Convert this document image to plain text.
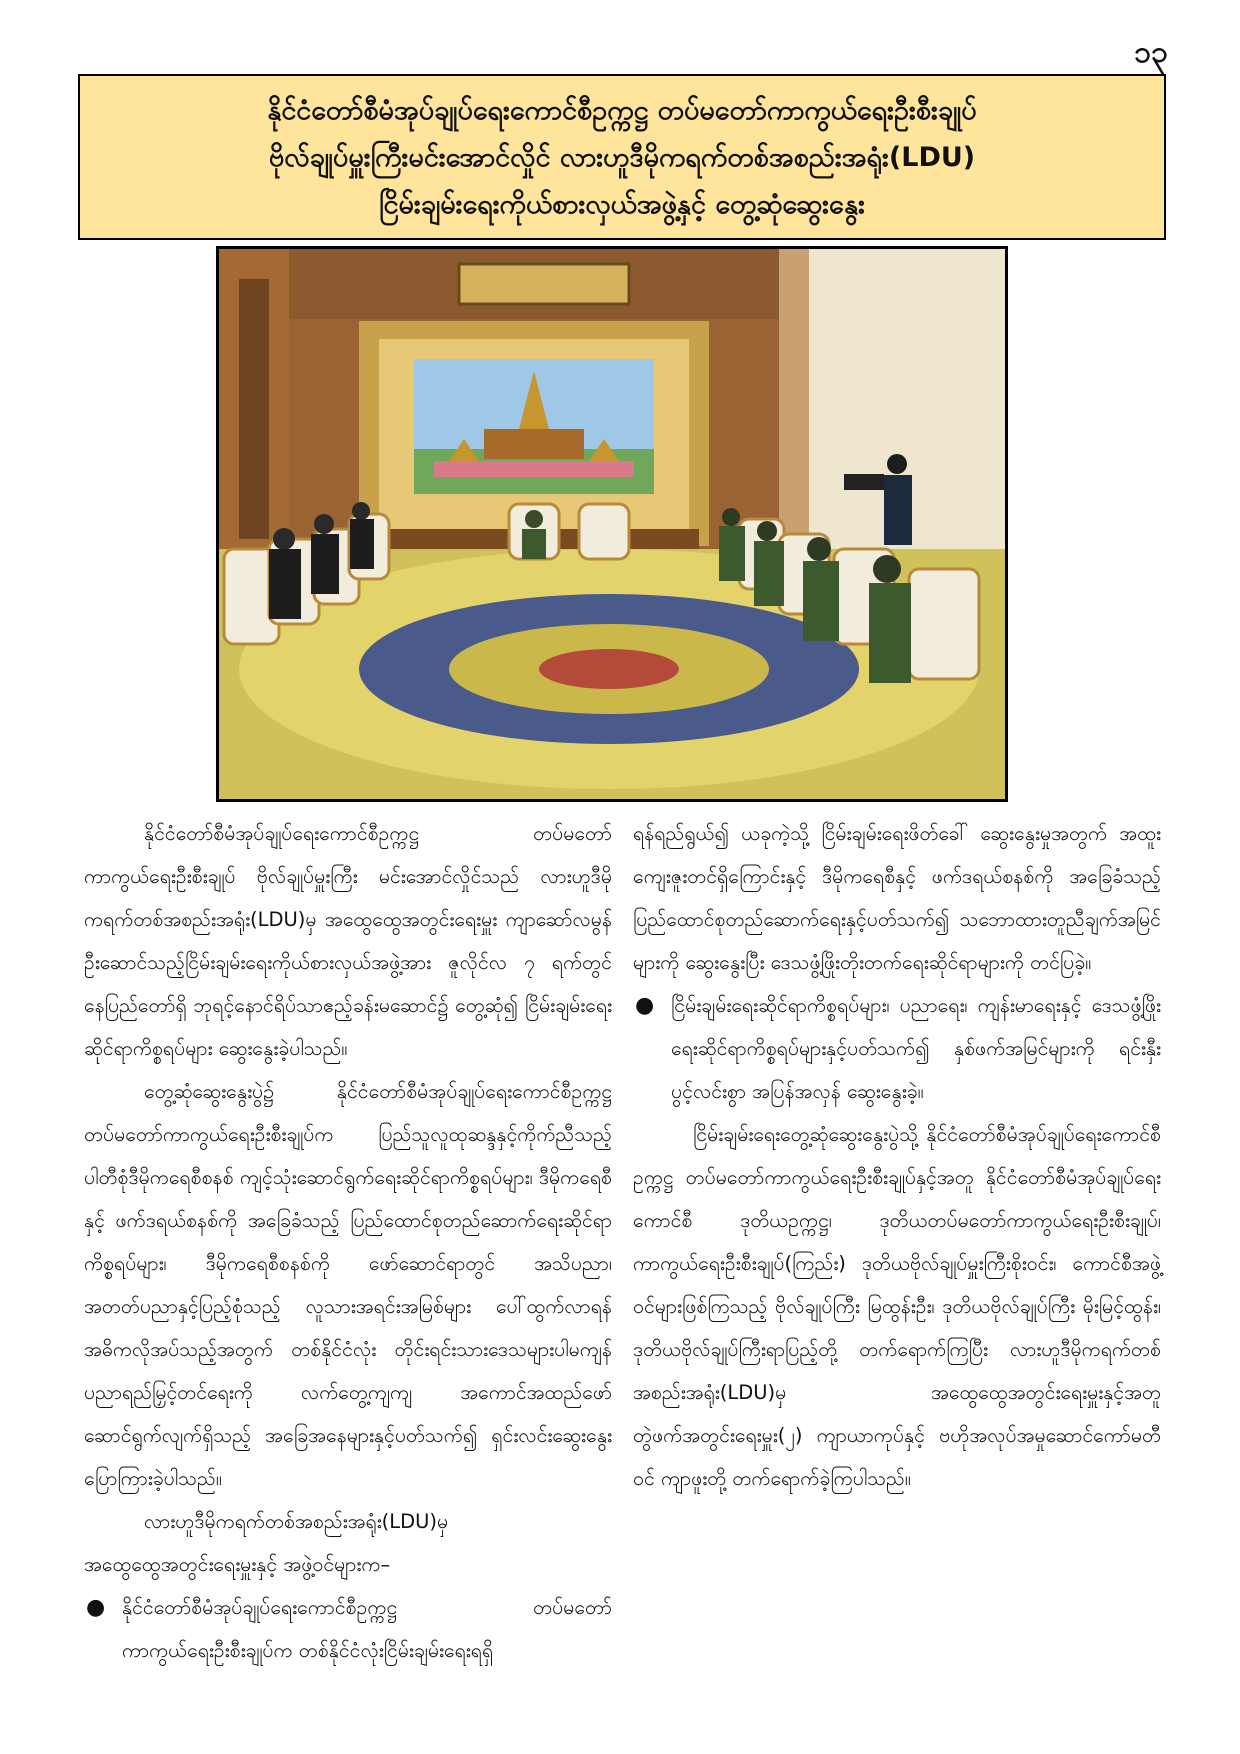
၁၃
နိုင်ငံတော်စီမံအုပ်ချုပ်ရေးကောင်စီဥက္ကဋ္ဌ တပ်မတော်ကာကွယ်ရေးဦးစီးချုပ်
ဗိုလ်ချုပ်မှူးကြီးမင်းအောင်လှိုင် လားဟူဒီမိုကရက်တစ်အစည်းအရုံး(LDU)
ငြိမ်းချမ်းရေးကိုယ်စားလှယ်အဖွဲ့နှင့် တွေ့ဆုံဆွေးနွေး

နိုင်ငံတော်စီမံအုပ်ချုပ်ရေးကောင်စီဥက္ကဋ္ဌ တပ်မတော်ကာကွယ်ရေးဦးစီးချုပ် ဗိုလ်ချုပ်မှူးကြီး မင်းအောင်လှိုင်သည် လားဟူဒီမိုကရက်တစ်အစည်းအရုံး(LDU)မှ အထွေထွေအတွင်းရေးမှူး ကျာဆော်လမွန် ဦးဆောင်သည့်ငြိမ်းချမ်းရေးကိုယ်စားလှယ်အဖွဲ့အား ဇူလိုင်လ ၇ ရက်တွင် နေပြည်တော်ရှိ ဘုရင့်နောင်ရိပ်သာဧည့်ခန်းမဆောင်၌ တွေ့ဆုံ၍ ငြိမ်းချမ်းရေးဆိုင်ရာကိစ္စရပ်များ ဆွေးနွေးခဲ့ပါသည်။

တွေ့ဆုံဆွေးနွေးပွဲ၌ နိုင်ငံတော်စီမံအုပ်ချုပ်ရေးကောင်စီဥက္ကဋ္ဌ တပ်မတော်ကာကွယ်ရေးဦးစီးချုပ်က ပြည်သူလူထုဆန္ဒနှင့်ကိုက်ညီသည့် ပါတီစုံဒီမိုကရေစီစနစ် ကျင့်သုံးဆောင်ရွက်ရေးဆိုင်ရာကိစ္စရပ်များ၊ ဒီမိုကရေစီနှင့် ဖက်ဒရယ်စနစ်ကို အခြေခံသည့် ပြည်ထောင်စုတည်ဆောက်ရေးဆိုင်ရာကိစ္စရပ်များ၊ ဒီမိုကရေစီစနစ်ကို ဖော်ဆောင်ရာတွင် အသိပညာ၊ အတတ်ပညာနှင့်ပြည့်စုံသည့် လူသားအရင်းအမြစ်များ ပေါ်ထွက်လာရန် အဓိကလိုအပ်သည့်အတွက် တစ်နိုင်ငံလုံး တိုင်းရင်းသားဒေသများပါမကျန် ပညာရည်မြှင့်တင်ရေးကို လက်တွေ့ကျကျ အကောင်အထည်ဖော် ဆောင်ရွက်လျက်ရှိသည့် အခြေအနေများနှင့်ပတ်သက်၍ ရှင်းလင်းဆွေးနွေးပြောကြားခဲ့ပါသည်။

လားဟူဒီမိုကရက်တစ်အစည်းအရုံး(LDU)မှ အထွေထွေအတွင်းရေးမှူးနှင့် အဖွဲ့ဝင်များက–

● နိုင်ငံတော်စီမံအုပ်ချုပ်ရေးကောင်စီဥက္ကဋ္ဌ တပ်မတော်ကာကွယ်ရေးဦးစီးချုပ်က တစ်နိုင်ငံလုံးငြိမ်းချမ်းရေးရရှိ

ရန်ရည်ရွယ်၍ ယခုကဲ့သို့ ငြိမ်းချမ်းရေးဖိတ်ခေါ် ဆွေးနွေးမှုအတွက် အထူးကျေးဇူးတင်ရှိကြောင်းနှင့် ဒီမိုကရေစီနှင့် ဖက်ဒရယ်စနစ်ကို အခြေခံသည့် ပြည်ထောင်စုတည်ဆောက်ရေးနှင့်ပတ်သက်၍ သဘောထားတူညီချက်အမြင်များကို ဆွေးနွေးပြီး ဒေသဖွံ့ဖြိုးတိုးတက်ရေးဆိုင်ရာများကို တင်ပြခဲ့။

● ငြိမ်းချမ်းရေးဆိုင်ရာကိစ္စရပ်များ၊ ပညာရေး၊ ကျန်းမာရေးနှင့် ဒေသဖွံ့ဖြိုးရေးဆိုင်ရာကိစ္စရပ်များနှင့်ပတ်သက်၍ နှစ်ဖက်အမြင်များကို ရင်းနှီးပွင့်လင်းစွာ အပြန်အလှန် ဆွေးနွေးခဲ့။

ငြိမ်းချမ်းရေးတွေ့ဆုံဆွေးနွေးပွဲသို့ နိုင်ငံတော်စီမံအုပ်ချုပ်ရေးကောင်စီဥက္ကဋ္ဌ တပ်မတော်ကာကွယ်ရေးဦးစီးချုပ်နှင့်အတူ နိုင်ငံတော်စီမံအုပ်ချုပ်ရေးကောင်စီ ဒုတိယဥက္ကဋ္ဌ၊ ဒုတိယတပ်မတော်ကာကွယ်ရေးဦးစီးချုပ်၊ ကာကွယ်ရေးဦးစီးချုပ်(ကြည်း) ဒုတိယဗိုလ်ချုပ်မှူးကြီးစိုးဝင်း၊ ကောင်စီအဖွဲ့ဝင်များဖြစ်ကြသည့် ဗိုလ်ချုပ်ကြီး မြထွန်းဦး၊ ဒုတိယဗိုလ်ချုပ်ကြီး မိုးမြင့်ထွန်း၊ ဒုတိယဗိုလ်ချုပ်ကြီးရာပြည့်တို့ တက်ရောက်ကြပြီး လားဟူဒီမိုကရက်တစ်အစည်းအရုံး(LDU)မှ အထွေထွေအတွင်းရေးမှူးနှင့်အတူ တွဲဖက်အတွင်းရေးမှူး(၂) ကျာယာကုပ်နှင့် ဗဟိုအလုပ်အမှုဆောင်ကော်မတီဝင် ကျာဖူးတို့ တက်ရောက်ခဲ့ကြပါသည်။
